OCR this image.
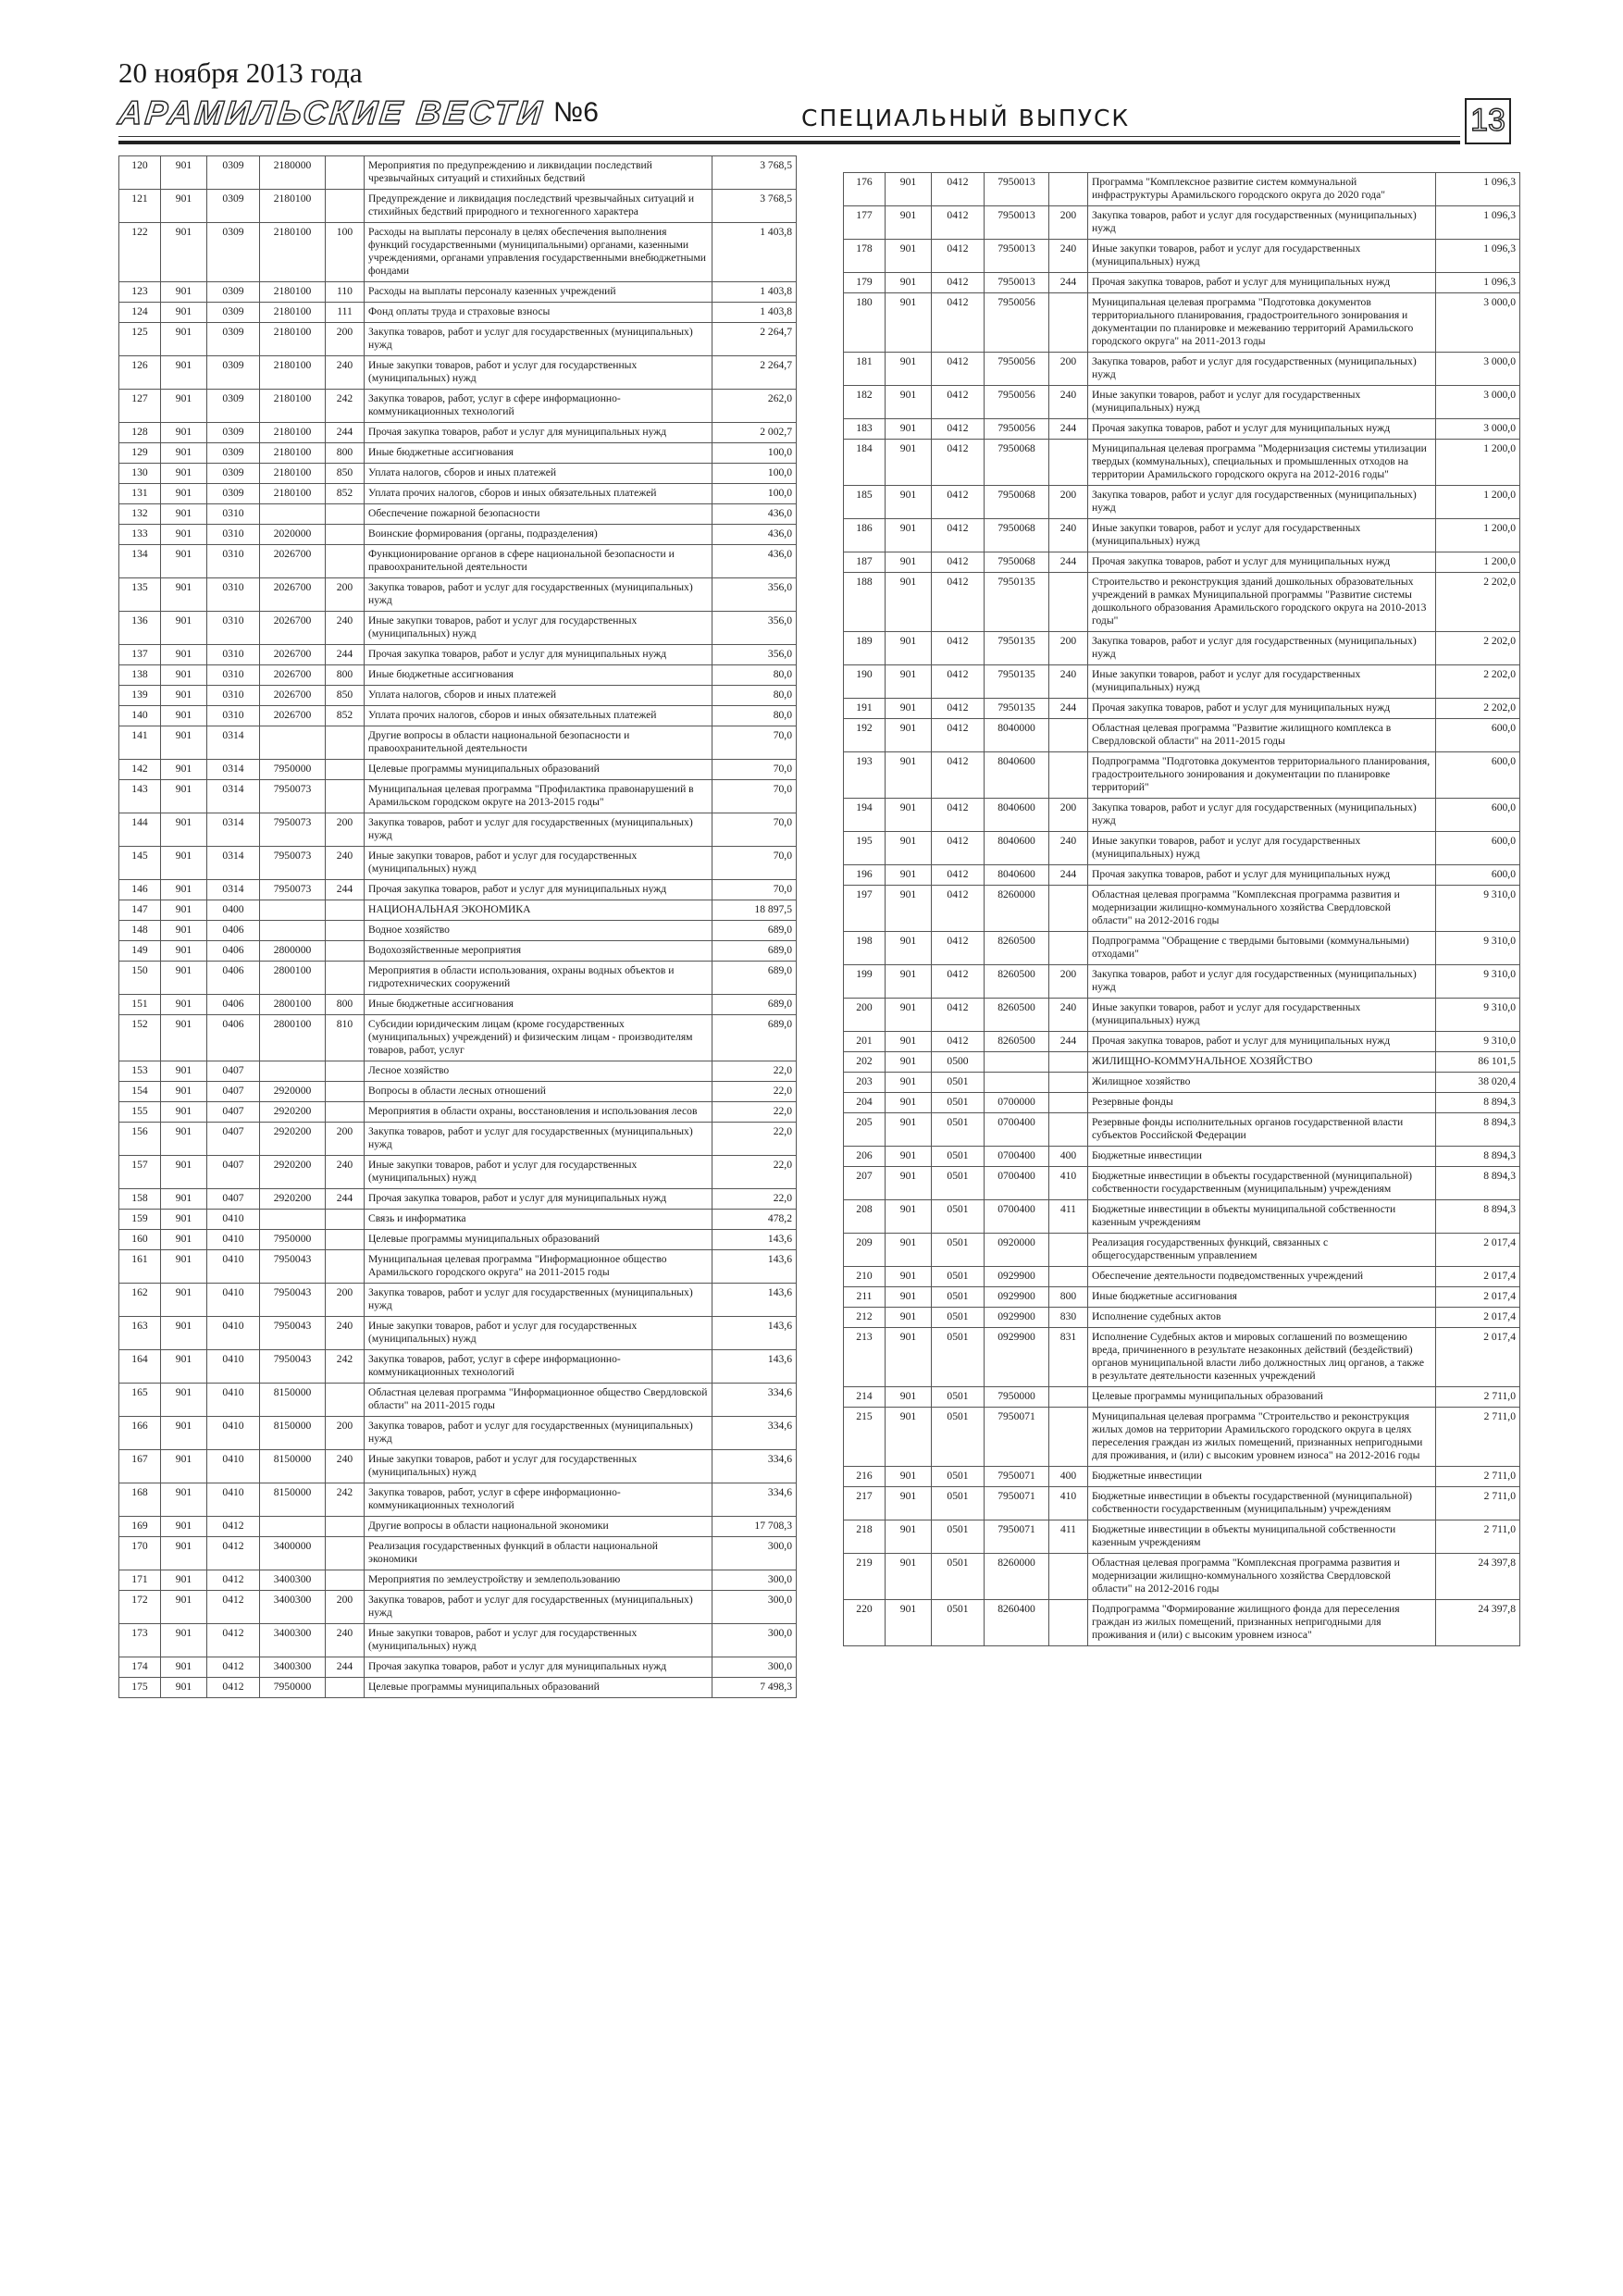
20 ноября 2013 года
АРАМИЛЬСКИЕ ВЕСТИ №6	СПЕЦИАЛЬНЫЙ ВЫПУСК	13
120	901	0309	2180000		Мероприятия по предупреждению и ликвидации последствий чрезвычайных ситуаций и стихийных бедствий	3 768,5
121	901	0309	2180100		Предупреждение и ликвидация последствий чрезвычайных ситуаций и стихийных бедствий природного и техногенного характера	3 768,5
122	901	0309	2180100	100	Расходы на выплаты персоналу в целях обеспечения выполнения функций государственными (муниципальными) органами, казенными учреждениями, органами управления государственными внебюджетными фондами	1 403,8
123	901	0309	2180100	110	Расходы на выплаты персоналу казенных учреждений	1 403,8
124	901	0309	2180100	111	Фонд оплаты труда и страховые взносы	1 403,8
125	901	0309	2180100	200	Закупка товаров, работ и услуг для государственных (муниципальных) нужд	2 264,7
126	901	0309	2180100	240	Иные закупки товаров, работ и услуг для государственных (муниципальных) нужд	2 264,7
127	901	0309	2180100	242	Закупка товаров, работ, услуг в сфере информационно-коммуникационных технологий	262,0
128	901	0309	2180100	244	Прочая закупка товаров, работ и услуг для муниципальных нужд	2 002,7
129	901	0309	2180100	800	Иные бюджетные ассигнования	100,0
130	901	0309	2180100	850	Уплата налогов, сборов и иных платежей	100,0
131	901	0309	2180100	852	Уплата прочих налогов, сборов и иных обязательных платежей	100,0
132	901	0310			Обеспечение пожарной безопасности	436,0
133	901	0310	2020000		Воинские формирования (органы, подразделения)	436,0
134	901	0310	2026700		Функционирование органов в сфере национальной безопасности и правоохранительной деятельности	436,0
135	901	0310	2026700	200	Закупка товаров, работ и услуг для государственных (муниципальных) нужд	356,0
136	901	0310	2026700	240	Иные закупки товаров, работ и услуг для государственных (муниципальных) нужд	356,0
137	901	0310	2026700	244	Прочая закупка товаров, работ и услуг для муниципальных нужд	356,0
138	901	0310	2026700	800	Иные бюджетные ассигнования	80,0
139	901	0310	2026700	850	Уплата налогов, сборов и иных платежей	80,0
140	901	0310	2026700	852	Уплата прочих налогов, сборов и иных обязательных платежей	80,0
141	901	0314			Другие вопросы в области национальной безопасности и правоохранительной деятельности	70,0
142	901	0314	7950000		Целевые программы муниципальных образований	70,0
143	901	0314	7950073		Муниципальная целевая программа "Профилактика правонарушений в Арамильском городском округе на 2013-2015 годы"	70,0
144	901	0314	7950073	200	Закупка товаров, работ и услуг для государственных (муниципальных) нужд	70,0
145	901	0314	7950073	240	Иные закупки товаров, работ и услуг для государственных (муниципальных) нужд	70,0
146	901	0314	7950073	244	Прочая закупка товаров, работ и услуг для муниципальных нужд	70,0
147	901	0400			НАЦИОНАЛЬНАЯ ЭКОНОМИКА	18 897,5
148	901	0406			Водное хозяйство	689,0
149	901	0406	2800000		Водохозяйственные мероприятия	689,0
150	901	0406	2800100		Мероприятия в области использования, охраны водных объектов и гидротехнических сооружений	689,0
151	901	0406	2800100	800	Иные бюджетные ассигнования	689,0
152	901	0406	2800100	810	Субсидии юридическим лицам (кроме государственных (муниципальных) учреждений) и физическим лицам - производителям товаров, работ, услуг	689,0
153	901	0407			Лесное хозяйство	22,0
154	901	0407	2920000		Вопросы в области лесных отношений	22,0
155	901	0407	2920200		Мероприятия в области охраны, восстановления и использования лесов	22,0
156	901	0407	2920200	200	Закупка товаров, работ и услуг для государственных (муниципальных) нужд	22,0
157	901	0407	2920200	240	Иные закупки товаров, работ и услуг для государственных (муниципальных) нужд	22,0
158	901	0407	2920200	244	Прочая закупка товаров, работ и услуг для муниципальных нужд	22,0
159	901	0410			Связь и информатика	478,2
160	901	0410	7950000		Целевые программы муниципальных образований	143,6
161	901	0410	7950043		Муниципальная целевая программа "Информационное общество Арамильского городского округа" на 2011-2015 годы	143,6
162	901	0410	7950043	200	Закупка товаров, работ и услуг для государственных (муниципальных) нужд	143,6
163	901	0410	7950043	240	Иные закупки товаров, работ и услуг для государственных (муниципальных) нужд	143,6
164	901	0410	7950043	242	Закупка товаров, работ, услуг в сфере информационно-коммуникационных технологий	143,6
165	901	0410	8150000		Областная целевая программа "Информационное общество Свердловской области" на 2011-2015 годы	334,6
166	901	0410	8150000	200	Закупка товаров, работ и услуг для государственных (муниципальных) нужд	334,6
167	901	0410	8150000	240	Иные закупки товаров, работ и услуг для государственных (муниципальных) нужд	334,6
168	901	0410	8150000	242	Закупка товаров, работ, услуг в сфере информационно-коммуникационных технологий	334,6
169	901	0412			Другие вопросы в области национальной экономики	17 708,3
170	901	0412	3400000		Реализация государственных функций в области национальной экономики	300,0
171	901	0412	3400300		Мероприятия по землеустройству и землепользованию	300,0
172	901	0412	3400300	200	Закупка товаров, работ и услуг для государственных (муниципальных) нужд	300,0
173	901	0412	3400300	240	Иные закупки товаров, работ и услуг для государственных (муниципальных) нужд	300,0
174	901	0412	3400300	244	Прочая закупка товаров, работ и услуг для муниципальных нужд	300,0
175	901	0412	7950000		Целевые программы муниципальных образований	7 498,3
176	901	0412	7950013		Программа "Комплексное развитие систем коммунальной инфраструктуры Арамильского городского округа до 2020 года"	1 096,3
177	901	0412	7950013	200	Закупка товаров, работ и услуг для государственных (муниципальных) нужд	1 096,3
178	901	0412	7950013	240	Иные закупки товаров, работ и услуг для государственных (муниципальных) нужд	1 096,3
179	901	0412	7950013	244	Прочая закупка товаров, работ и услуг для муниципальных нужд	1 096,3
180	901	0412	7950056		Муниципальная целевая программа "Подготовка документов территориального планирования, градостроительного зонирования и документации по планировке и межеванию территорий Арамильского городского округа" на 2011-2013 годы	3 000,0
181	901	0412	7950056	200	Закупка товаров, работ и услуг для государственных (муниципальных) нужд	3 000,0
182	901	0412	7950056	240	Иные закупки товаров, работ и услуг для государственных (муниципальных) нужд	3 000,0
183	901	0412	7950056	244	Прочая закупка товаров, работ и услуг для муниципальных нужд	3 000,0
184	901	0412	7950068		Муниципальная целевая программа "Модернизация системы утилизации твердых (коммунальных), специальных и промышленных отходов на территории Арамильского городского округа на 2012-2016 годы"	1 200,0
185	901	0412	7950068	200	Закупка товаров, работ и услуг для государственных (муниципальных) нужд	1 200,0
186	901	0412	7950068	240	Иные закупки товаров, работ и услуг для государственных (муниципальных) нужд	1 200,0
187	901	0412	7950068	244	Прочая закупка товаров, работ и услуг для муниципальных нужд	1 200,0
188	901	0412	7950135		Строительство и реконструкция зданий дошкольных образовательных учреждений в рамках Муниципальной программы "Развитие системы дошкольного образования Арамильского городского округа на 2010-2013 годы"	2 202,0
189	901	0412	7950135	200	Закупка товаров, работ и услуг для государственных (муниципальных) нужд	2 202,0
190	901	0412	7950135	240	Иные закупки товаров, работ и услуг для государственных (муниципальных) нужд	2 202,0
191	901	0412	7950135	244	Прочая закупка товаров, работ и услуг для муниципальных нужд	2 202,0
192	901	0412	8040000		Областная целевая программа "Развитие жилищного комплекса в Свердловской области" на 2011-2015 годы	600,0
193	901	0412	8040600		Подпрограмма "Подготовка документов территориального планирования, градостроительного зонирования и документации по планировке территорий"	600,0
194	901	0412	8040600	200	Закупка товаров, работ и услуг для государственных (муниципальных) нужд	600,0
195	901	0412	8040600	240	Иные закупки товаров, работ и услуг для государственных (муниципальных) нужд	600,0
196	901	0412	8040600	244	Прочая закупка товаров, работ и услуг для муниципальных нужд	600,0
197	901	0412	8260000		Областная целевая программа "Комплексная программа развития и модернизации жилищно-коммунального хозяйства Свердловской области" на 2012-2016 годы	9 310,0
198	901	0412	8260500		Подпрограмма "Обращение с твердыми бытовыми (коммунальными) отходами"	9 310,0
199	901	0412	8260500	200	Закупка товаров, работ и услуг для государственных (муниципальных) нужд	9 310,0
200	901	0412	8260500	240	Иные закупки товаров, работ и услуг для государственных (муниципальных) нужд	9 310,0
201	901	0412	8260500	244	Прочая закупка товаров, работ и услуг для муниципальных нужд	9 310,0
202	901	0500			ЖИЛИЩНО-КОММУНАЛЬНОЕ ХОЗЯЙСТВО	86 101,5
203	901	0501			Жилищное хозяйство	38 020,4
204	901	0501	0700000		Резервные фонды	8 894,3
205	901	0501	0700400		Резервные фонды исполнительных органов государственной власти субъектов Российской Федерации	8 894,3
206	901	0501	0700400	400	Бюджетные инвестиции	8 894,3
207	901	0501	0700400	410	Бюджетные инвестиции в объекты государственной (муниципальной) собственности государственным (муниципальным) учреждениям	8 894,3
208	901	0501	0700400	411	Бюджетные инвестиции в объекты муниципальной собственности казенным учреждениям	8 894,3
209	901	0501	0920000		Реализация государственных функций, связанных с общегосударственным управлением	2 017,4
210	901	0501	0929900		Обеспечение деятельности подведомственных учреждений	2 017,4
211	901	0501	0929900	800	Иные бюджетные ассигнования	2 017,4
212	901	0501	0929900	830	Исполнение судебных актов	2 017,4
213	901	0501	0929900	831	Исполнение Судебных актов и мировых соглашений по возмещению вреда, причиненного в результате незаконных действий (бездействий) органов муниципальной власти либо должностных лиц органов, а также в результате деятельности казенных учреждений	2 017,4
214	901	0501	7950000		Целевые программы муниципальных образований	2 711,0
215	901	0501	7950071		Муниципальная целевая программа "Строительство и реконструкция жилых домов на территории Арамильского городского округа в целях переселения граждан из жилых помещений, признанных непригодными для проживания, и (или) с высоким уровнем износа" на 2012-2016 годы	2 711,0
216	901	0501	7950071	400	Бюджетные инвестиции	2 711,0
217	901	0501	7950071	410	Бюджетные инвестиции в объекты государственной (муниципальной) собственности государственным (муниципальным) учреждениям	2 711,0
218	901	0501	7950071	411	Бюджетные инвестиции в объекты муниципальной собственности казенным учреждениям	2 711,0
219	901	0501	8260000		Областная целевая программа "Комплексная программа развития и модернизации жилищно-коммунального хозяйства Свердловской области" на 2012-2016 годы	24 397,8
220	901	0501	8260400		Подпрограмма "Формирование жилищного фонда для переселения граждан из жилых помещений, признанных непригодными для проживания и (или) с высоким уровнем износа"	24 397,8
